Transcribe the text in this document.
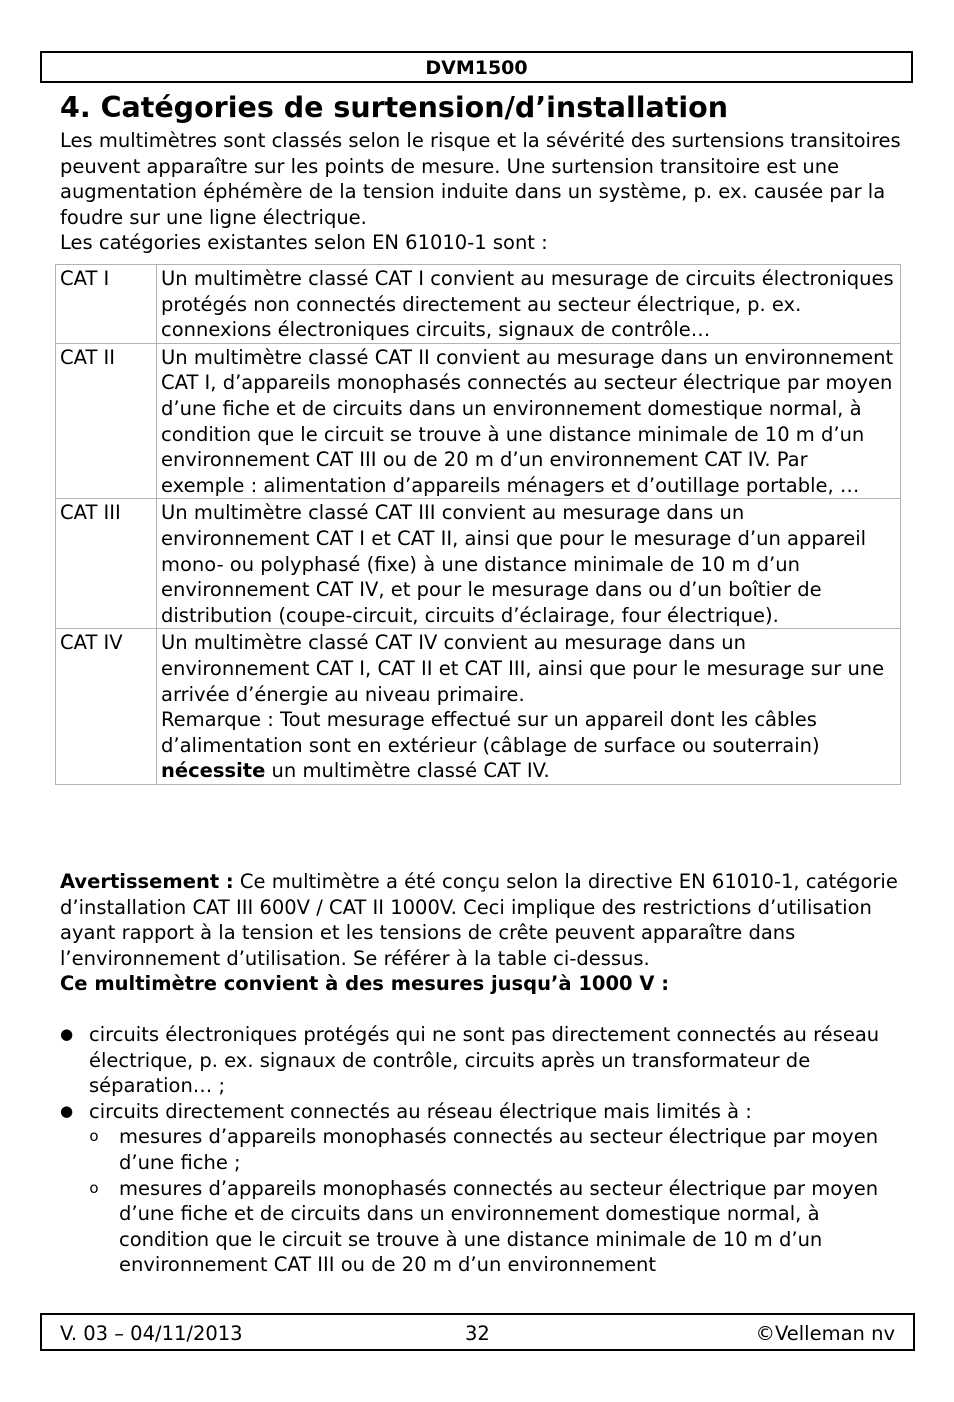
DVM1500
4. Catégories de surtension/d’installation

Les multimètres sont classés selon le risque et la sévérité des surtensions transitoires peuvent apparaître sur les points de mesure. Une surtension transitoire est une augmentation éphémère de la tension induite dans un système, p. ex. causée par la foudre sur une ligne électrique.

Les catégories existantes selon EN 61010-1 sont :

CAT I	Un multimètre classé CAT I convient au mesurage de circuits électroniques protégés non connectés directement au secteur électrique, p. ex. connexions électroniques circuits, signaux de contrôle…
CAT II	Un multimètre classé CAT II convient au mesurage dans un environnement CAT I, d’appareils monophasés connectés au secteur électrique par moyen d’une fiche et de circuits dans un environnement domestique normal, à condition que le circuit se trouve à une distance minimale de 10 m d’un environnement CAT III ou de 20 m d’un environnement CAT IV. Par exemple : alimentation d’appareils ménagers et d’outillage portable, …
CAT III	Un multimètre classé CAT III convient au mesurage dans un environnement CAT I et CAT II, ainsi que pour le mesurage d’un appareil mono- ou polyphasé (fixe) à une distance minimale de 10 m d’un environnement CAT IV, et pour le mesurage dans ou d’un boîtier de distribution (coupe-circuit, circuits d’éclairage, four électrique).
CAT IV	Un multimètre classé CAT IV convient au mesurage dans un environnement CAT I, CAT II et CAT III, ainsi que pour le mesurage sur une arrivée d’énergie au niveau primaire.

Remarque : Tout mesurage effectué sur un appareil dont les câbles d’alimentation sont en extérieur (câblage de surface ou souterrain) nécessite un multimètre classé CAT IV.

Avertissement : Ce multimètre a été conçu selon la directive EN 61010-1, catégorie d’installation CAT III 600V / CAT II 1000V. Ceci implique des restrictions d’utilisation ayant rapport à la tension et les tensions de crête peuvent apparaître dans l’environnement d’utilisation. Se référer à la table ci-dessus.

Ce multimètre convient à des mesures jusqu’à 1000 V :

● circuits électroniques protégés qui ne sont pas directement connectés au réseau électrique, p. ex. signaux de contrôle, circuits après un transformateur de séparation… ;
● circuits directement connectés au réseau électrique mais limités à :
o mesures d’appareils monophasés connectés au secteur électrique par moyen d’une fiche ;
o mesures d’appareils monophasés connectés au secteur électrique par moyen d’une fiche et de circuits dans un environnement domestique normal, à condition que le circuit se trouve à une distance minimale de 10 m d’un environnement CAT III ou de 20 m d’un environnement
V. 03 – 04/11/2013	32	©Velleman nv
